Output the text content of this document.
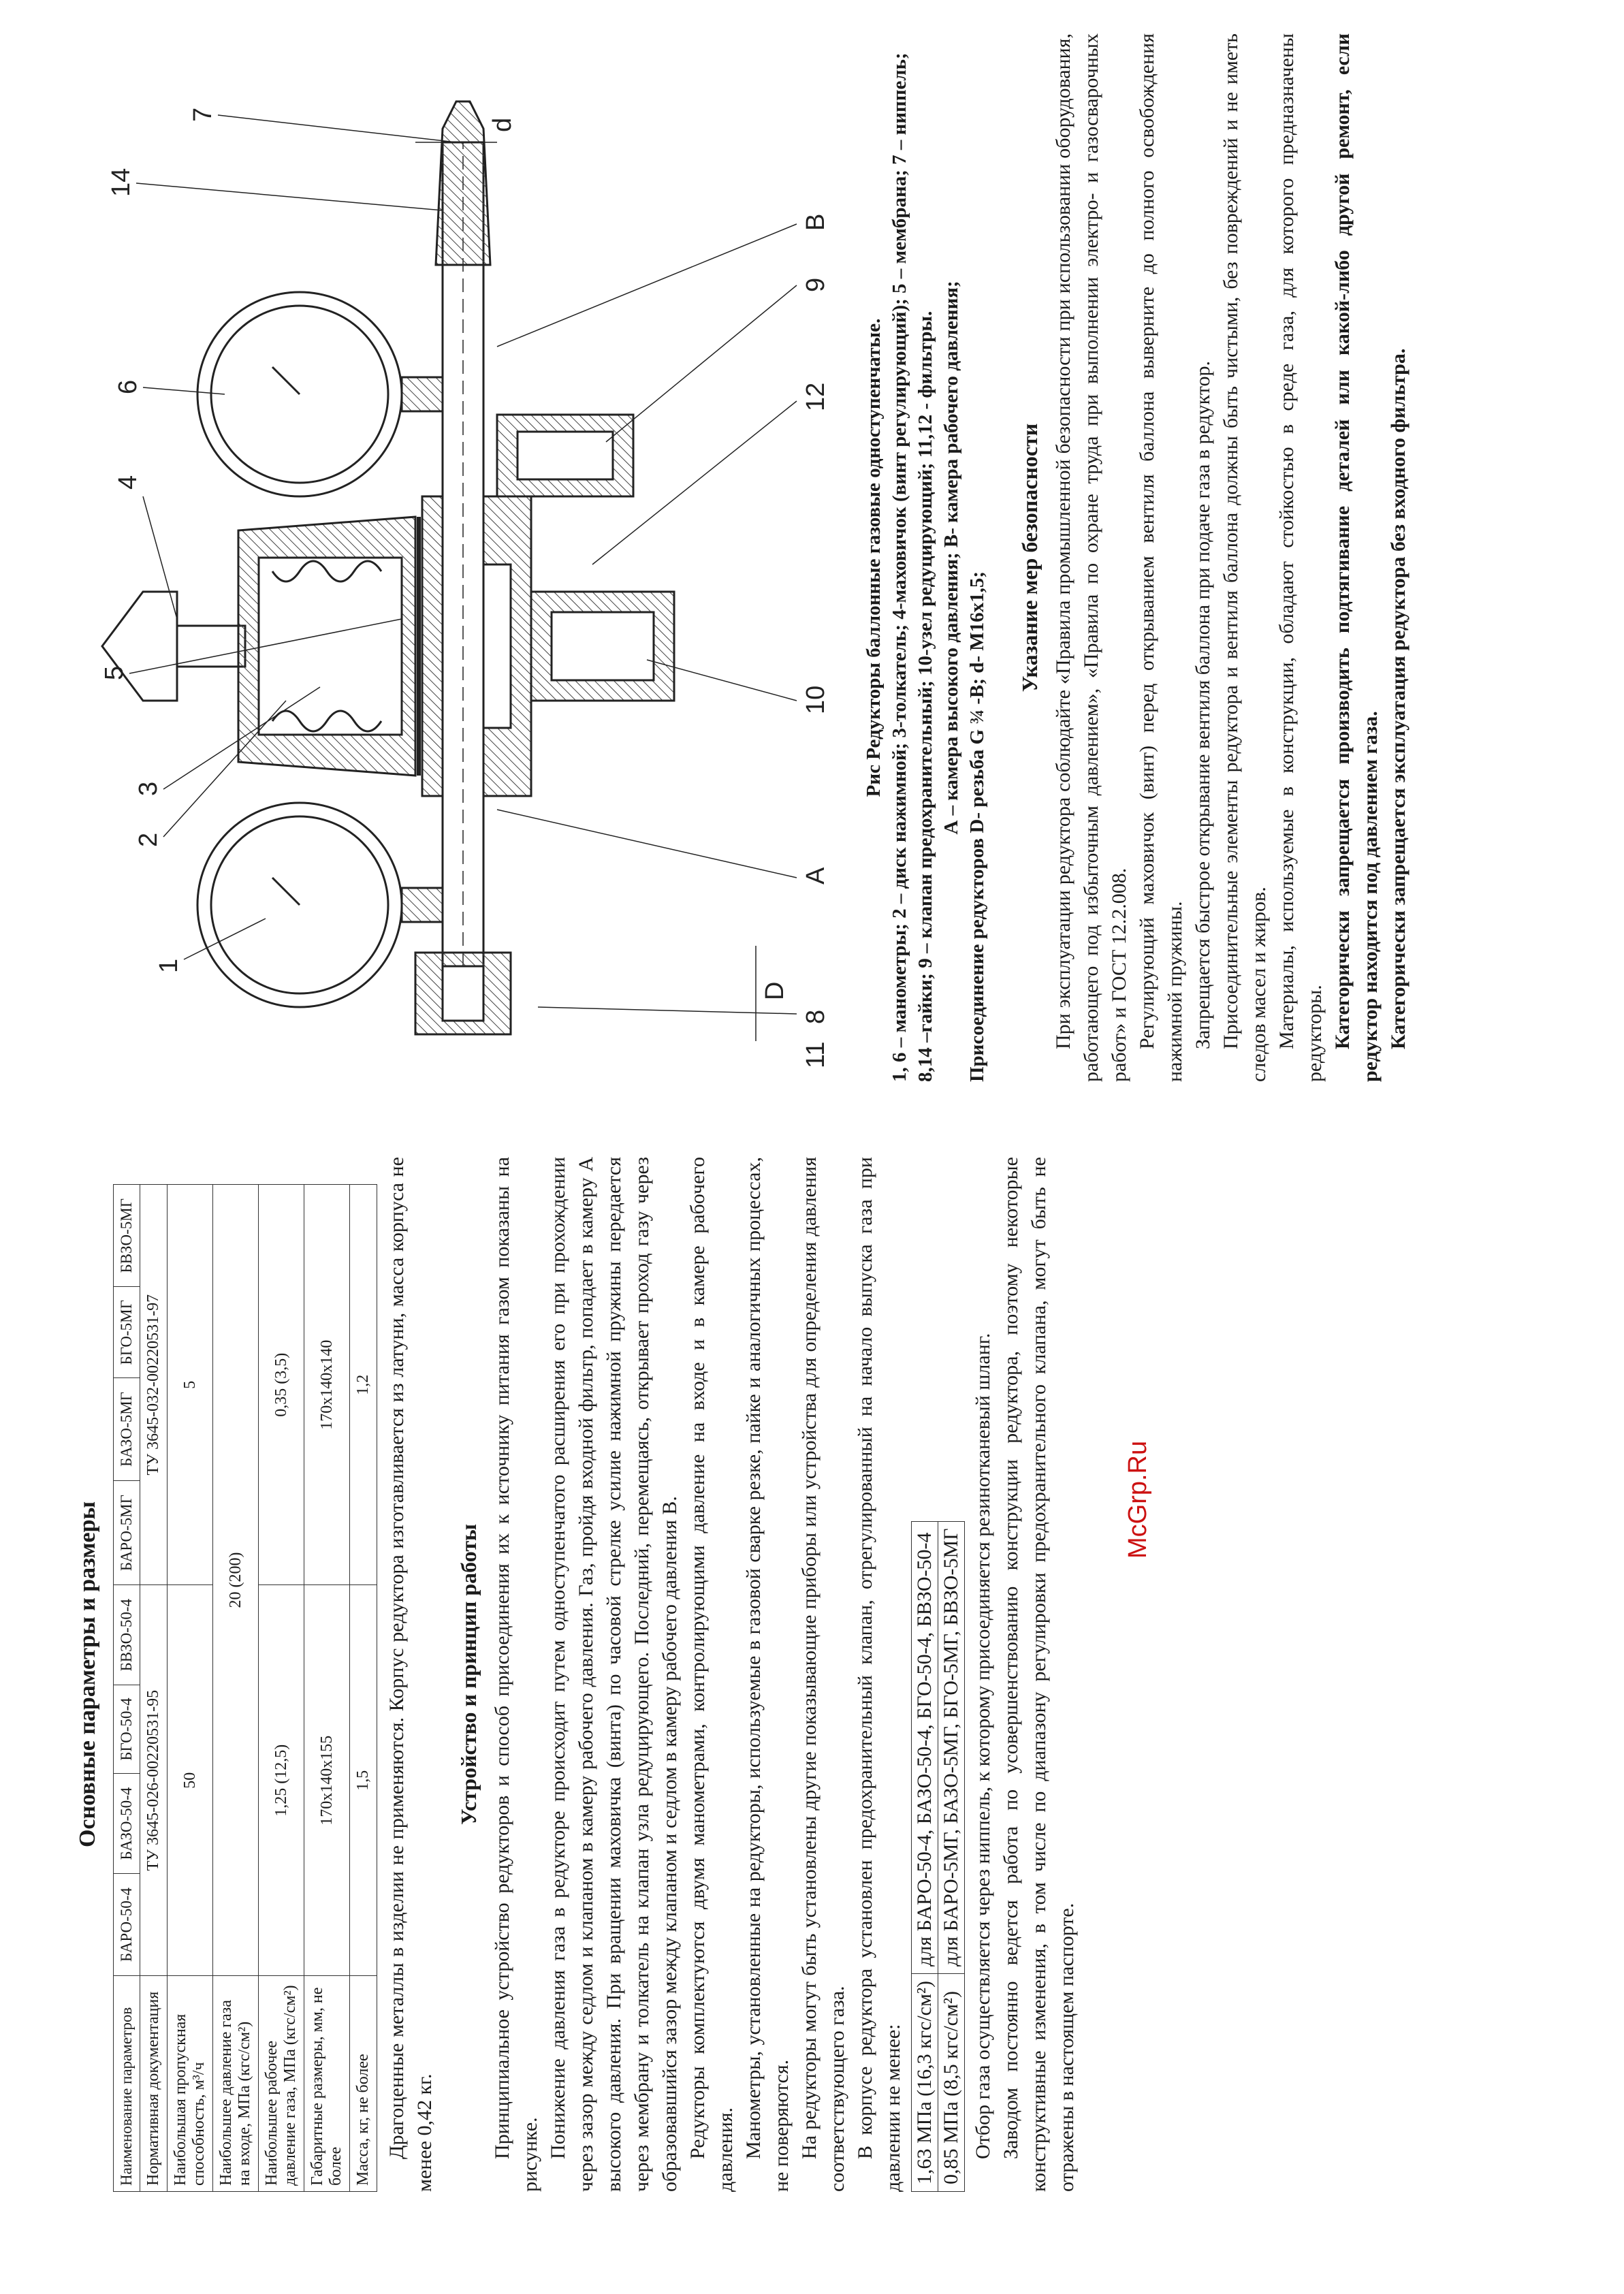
Основные параметры и размеры
Наименование параметров	БАРО-50-4	БАЗО-50-4	БГО-50-4	БВЗО-50-4	БАРО-5МГ	БАЗО-5МГ	БГО-5МГ	БВЗО-5МГ
Нормативная документация	ТУ 3645-026-00220531-95				ТУ 3645-032-00220531-97			
Наибольшая пропускная способность, м³/ч	50				5			
Наибольшее давление газа на входе, МПа (кгс/см²)	20 (200)							
Наибольшее рабочее давление газа, МПа (кгс/см²)	1,25 (12,5)				0,35 (3,5)			
Габаритные размеры, мм, не более	170х140х155				170х140х140			
Масса, кг, не более	1,5				1,2			Драгоценные металлы в изделии не применяются. Корпус редуктора изготавливается из латуни, масса корпуса не менее 0,42 кг.

Устройство и принцип работы Принципиальное устройство редукторов и способ присоединения их к источнику питания газом показаны на рисунке. Понижение давления газа в редукторе происходит путем одноступенчатого расширения его при прохождении через зазор между седлом и клапаном в камеру рабочего давления. Газ, пройдя входной фильтр, попадает в камеру А высокого давления. При вращении маховичка (винта) по часовой стрелке усилие нажимной пружины передается через мембрану и толкатель на клапан узла редуцирующего. Последний, перемещаясь, открывает проход газу через образовавшийся зазор между клапаном и седлом в камеру рабочего давления В. Редукторы комплектуются двумя манометрами, контролирующими давление на входе и в камере рабочего давления. Манометры, установленные на редукторы, используемые в газовой сварке резке, пайке и аналогичных процессах, не поверяются. На редукторы могут быть установлены другие показывающие приборы или устройства для определения давления соответствующего газа. В корпусе редуктора установлен предохранительный клапан, отрегулированный на начало выпуска газа при давлении не менее: 1,63 МПа (16,3 кгс/см²)	для БАРО-50-4, БАЗО-50-4, БГО-50-4, БВЗО-50-4
0,85 МПа (8,5 кгс/см²)	для БАРО-5МГ, БАЗО-5МГ, БГО-5МГ, БВЗО-5МГ Отбор газа осуществляется через ниппель, к которому присоединяется резинотканевый шланг. Заводом постоянно ведется работа по усовершенствованию конструкции редуктора, поэтому некоторые конструктивные изменения, в том числе по диапазону регулировки предохранительного клапана, могут быть не отражены в настоящем паспорте.

1
2
3
5
4
6
14
7
8
A
10
12
9
B
11
D
d

Рис Редукторы баллонные газовые одноступенчатые. 1, 6 – манометры; 2 – диск нажимной; 3-толкатель; 4-маховичок (винт регулирующий); 5 – мембрана; 7 – ниппель; 8,14 –гайки; 9 – клапан предохранительный; 10-узел редуцирующий; 11,12 - фильтры. А – камера высокого давления; В- камера рабочего давления; Присоединение редукторов D- резьба G ¾ -B; d- М16х1,5;

Указание мер безопасности При эксплуатации редуктора соблюдайте «Правила промышленной безопасности при использовании оборудования, работающего под избыточным давлением», «Правила по охране труда при выполнении электро- и газосварочных работ» и ГОСТ 12.2.008. Регулирующий маховичок (винт) перед открыванием вентиля баллона выверните до полного освобождения нажимной пружины. Запрещается быстрое открывание вентиля баллона при подаче газа в редуктор. Присоединительные элементы редуктора и вентиля баллона должны быть чистыми, без повреждений и не иметь следов масел и жиров. Материалы, используемые в конструкции, обладают стойкостью в среде газа, для которого предназначены редукторы. Категорически запрещается производить подтягивание деталей или какой-либо другой ремонт, если редуктор находится под давлением газа. Категорически запрещается эксплуатация редуктора без входного фильтра.

McGrp.Ru
